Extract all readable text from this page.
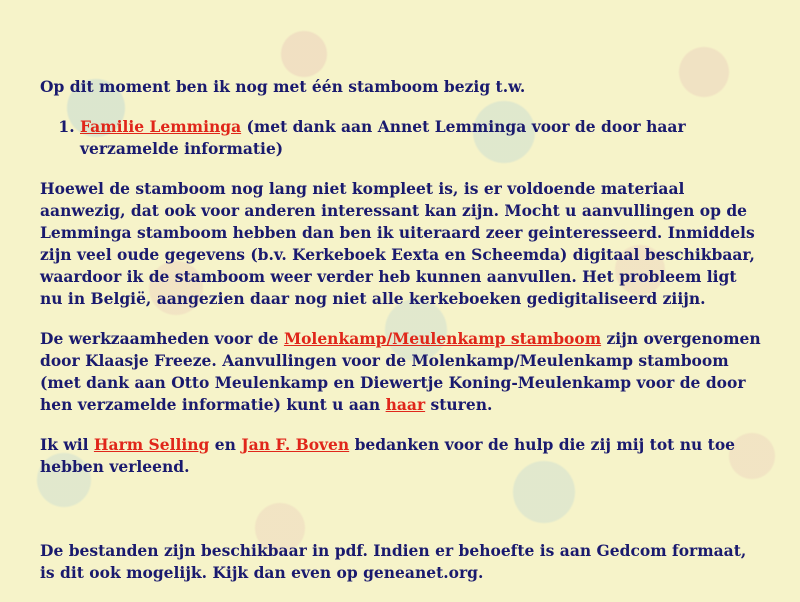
Op dit moment ben ik nog met één stamboom bezig t.w.

1. Familie Lemminga (met dank aan Annet Lemminga voor de door haar verzamelde informatie)

Hoewel de stamboom nog lang niet kompleet is, is er voldoende materiaal aanwezig, dat ook voor anderen interessant kan zijn. Mocht u aanvullingen op de Lemminga stamboom hebben dan ben ik uiteraard zeer geinteresseerd. Inmiddels zijn veel oude gegevens (b.v. Kerkeboek Eexta en Scheemda) digitaal beschikbaar, waardoor ik de stamboom weer verder heb kunnen aanvullen. Het probleem ligt nu in België, aangezien daar nog niet alle kerkeboeken gedigitaliseerd ziijn.

De werkzaamheden voor de Molenkamp/Meulenkamp stamboom zijn overgenomen door Klaasje Freeze. Aanvullingen voor de Molenkamp/Meulenkamp stamboom (met dank aan Otto Meulenkamp en Diewertje Koning-Meulenkamp voor de door hen verzamelde informatie) kunt u aan haar sturen.

Ik wil Harm Selling en Jan F. Boven bedanken voor de hulp die zij mij tot nu toe hebben verleend.

De bestanden zijn beschikbaar in pdf. Indien er behoefte is aan Gedcom formaat, is dit ook mogelijk. Kijk dan even op geneanet.org.
